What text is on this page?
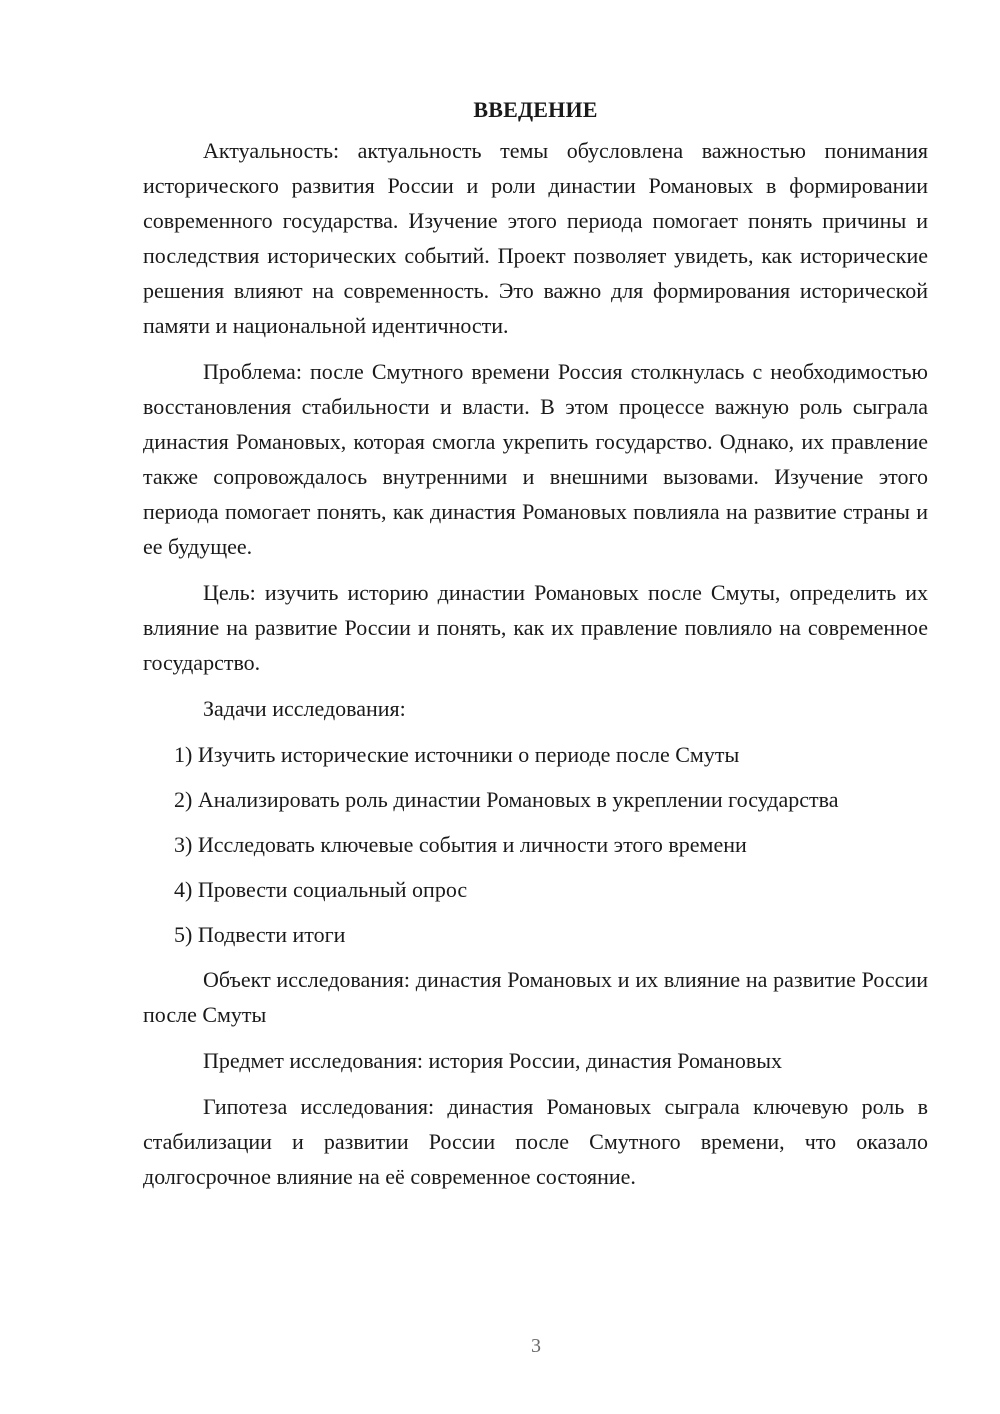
ВВЕДЕНИЕ

Актуальность: актуальность темы обусловлена важностью понимания исторического развития России и роли династии Романовых в формировании современного государства. Изучение этого периода помогает понять причины и последствия исторических событий. Проект позволяет увидеть, как исторические решения влияют на современность. Это важно для формирования исторической памяти и национальной идентичности.

Проблема: после Смутного времени Россия столкнулась с необходимостью восстановления стабильности и власти. В этом процессе важную роль сыграла династия Романовых, которая смогла укрепить государство. Однако, их правление также сопровождалось внутренними и внешними вызовами. Изучение этого периода помогает понять, как династия Романовых повлияла на развитие страны и ее будущее.

Цель: изучить историю династии Романовых после Смуты, определить их влияние на развитие России и понять, как их правление повлияло на современное государство.

Задачи исследования:

1) Изучить исторические источники о периоде после Смуты

2) Анализировать роль династии Романовых в укреплении государства

3) Исследовать ключевые события и личности этого времени

4) Провести социальный опрос

5) Подвести итоги

Объект исследования: династия Романовых и их влияние на развитие России после Смуты

Предмет исследования: история России, династия Романовых

Гипотеза исследования: династия Романовых сыграла ключевую роль в стабилизации и развитии России после Смутного времени, что оказало долгосрочное влияние на её современное состояние.

3
